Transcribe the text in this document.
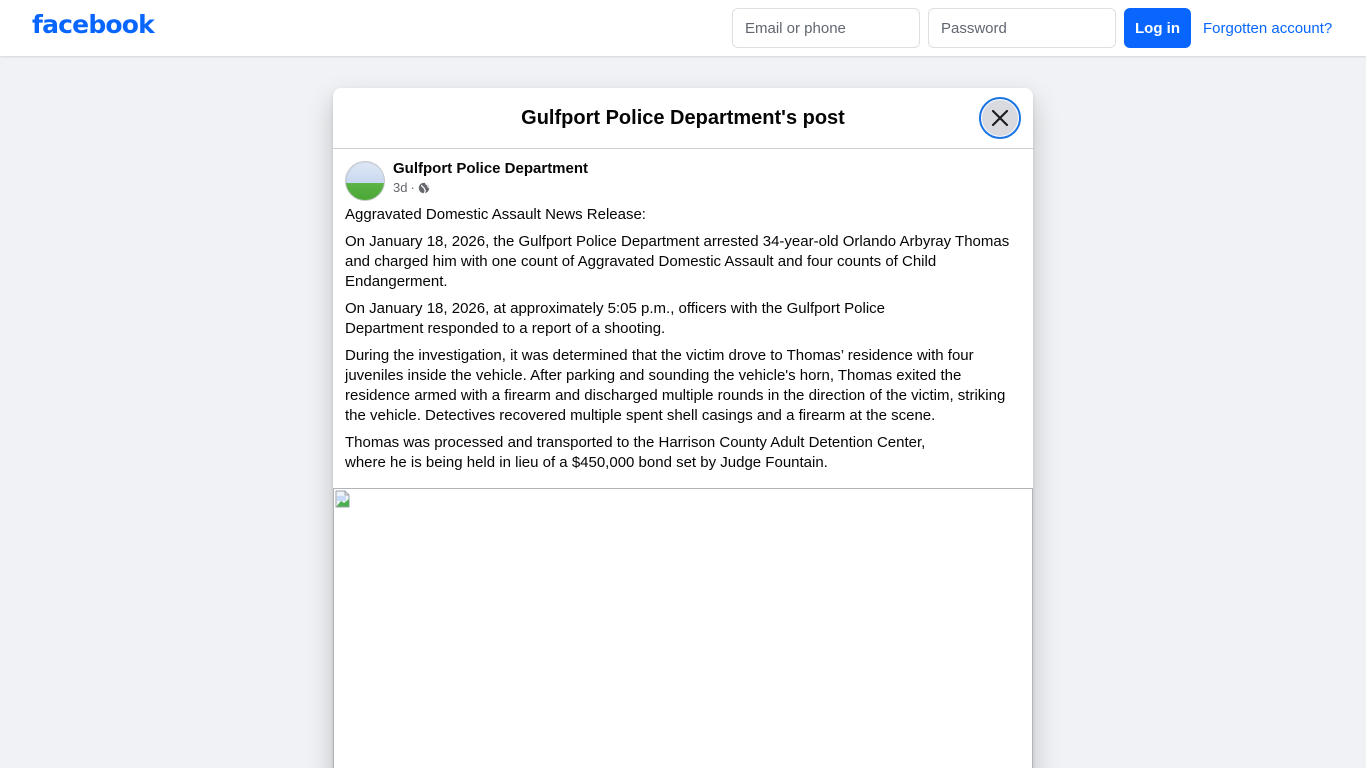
facebook
Email or phone	Log in	Forgotten account?
Gulfport Police Department's post
Gulfport Police Department
3d ·

Aggravated Domestic Assault News Release:

On January 18, 2026, the Gulfport Police Department arrested 34-year-old Orlando Arbyray Thomas and charged him with one count of Aggravated Domestic Assault and four counts of Child Endangerment.

On January 18, 2026, at approximately 5:05 p.m., officers with the Gulfport Police
Department responded to a report of a shooting.

During the investigation, it was determined that the victim drove to Thomas’ residence with four juveniles inside the vehicle. After parking and sounding the vehicle's horn, Thomas exited the residence armed with a firearm and discharged multiple rounds in the direction of the victim, striking the vehicle. Detectives recovered multiple spent shell casings and a firearm at the scene.

Thomas was processed and transported to the Harrison County Adult Detention Center,
where he is being held in lieu of a $450,000 bond set by Judge Fountain.
